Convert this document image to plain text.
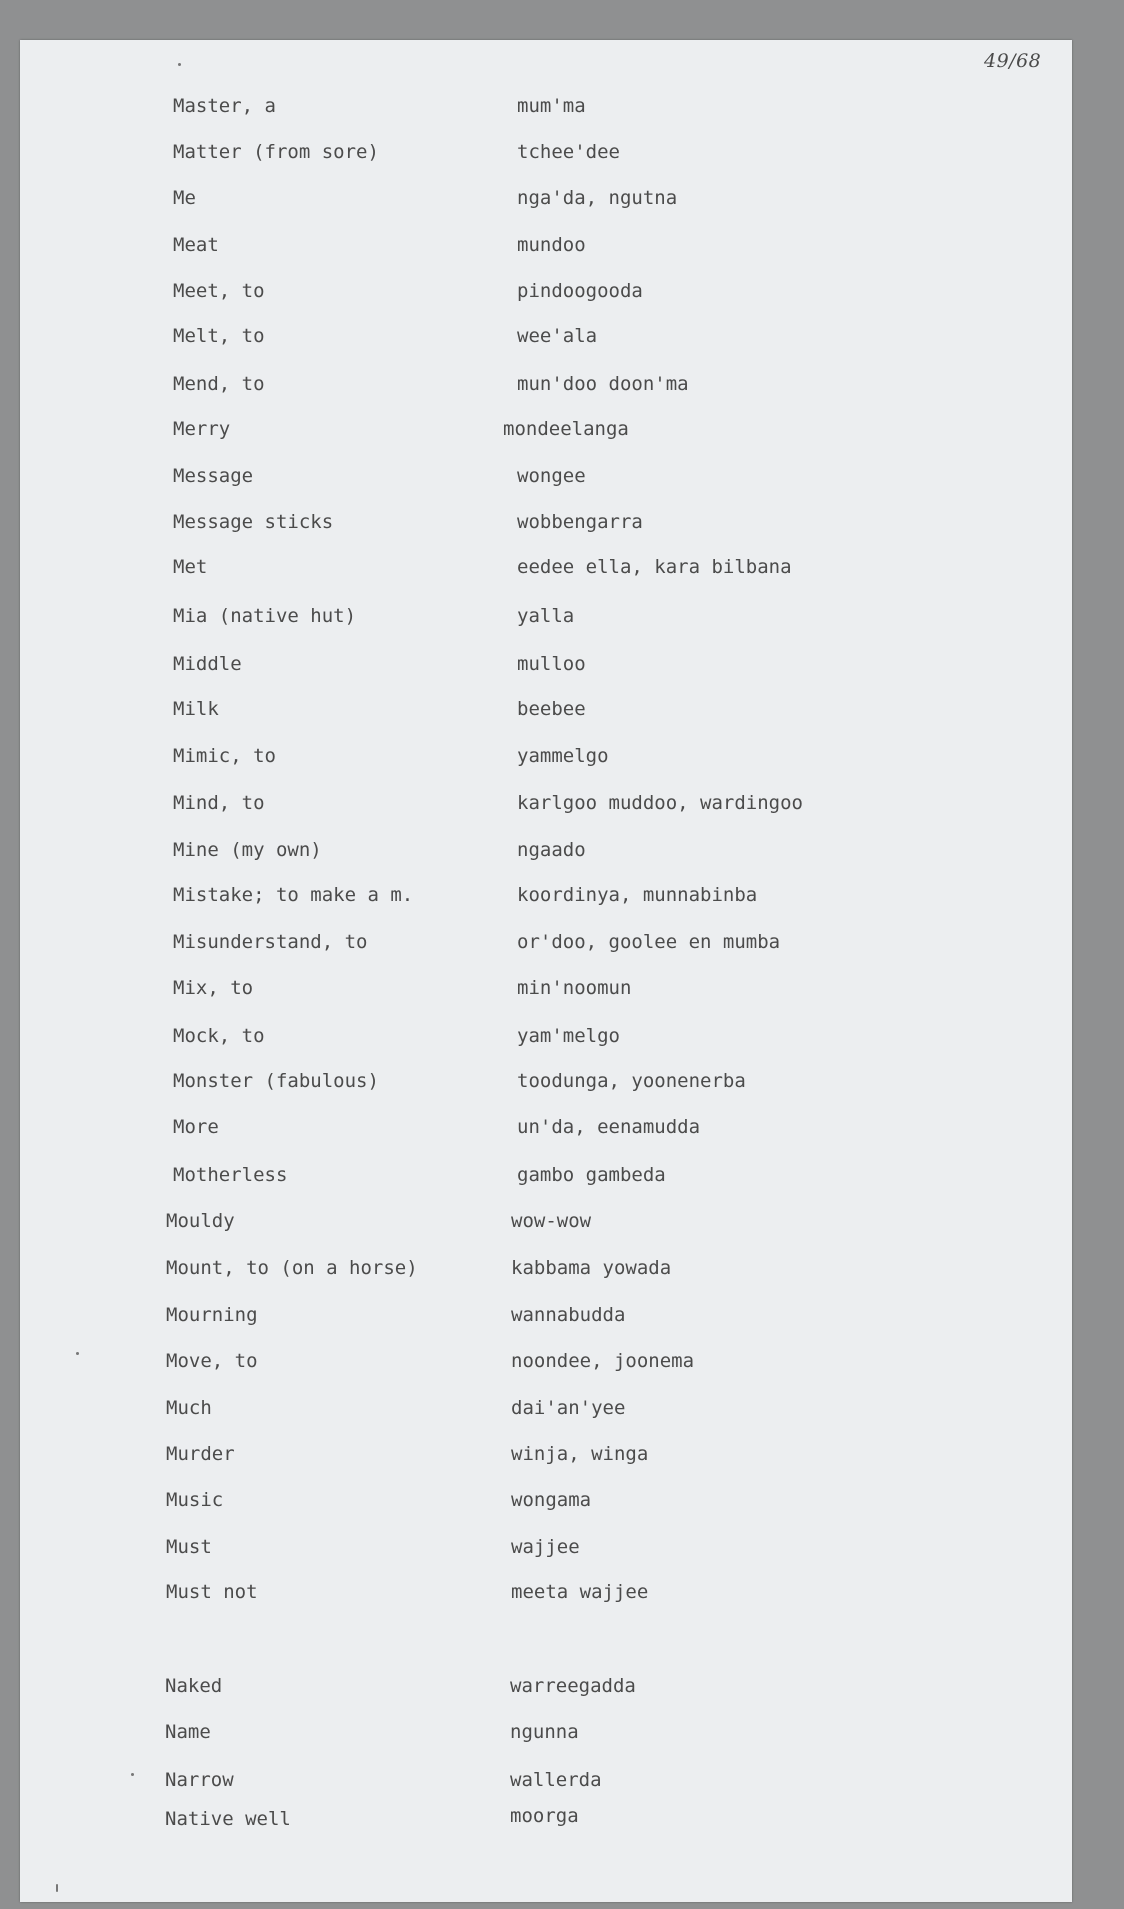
49/68
Master, a	mum'ma
Matter (from sore)	tchee'dee
Me	nga'da, ngutna
Meat	mundoo
Meet, to	pindoogooda
Melt, to	wee'ala
Mend, to	mun'doo doon'ma
Merry	mondeelanga
Message	wongee
Message sticks	wobbengarra
Met	eedee ella, kara bilbana
Mia (native hut)	yalla
Middle	mulloo
Milk	beebee
Mimic, to	yammelgo
Mind, to	karlgoo muddoo, wardingoo
Mine (my own)	ngaado
Mistake; to make a m.	koordinya, munnabinba
Misunderstand, to	or'doo, goolee en mumba
Mix, to	min'noomun
Mock, to	yam'melgo
Monster (fabulous)	toodunga, yoonenerba
More	un'da, eenamudda
Motherless	gambo gambeda
Mouldy	wow-wow
Mount, to (on a horse)	kabbama yowada
Mourning	wannabudda
Move, to	noondee, joonema
Much	dai'an'yee
Murder	winja, winga
Music	wongama
Must	wajjee
Must not	meeta wajjee
Naked	warreegadda
Name	ngunna
Narrow	wallerda
Native well	moorga
